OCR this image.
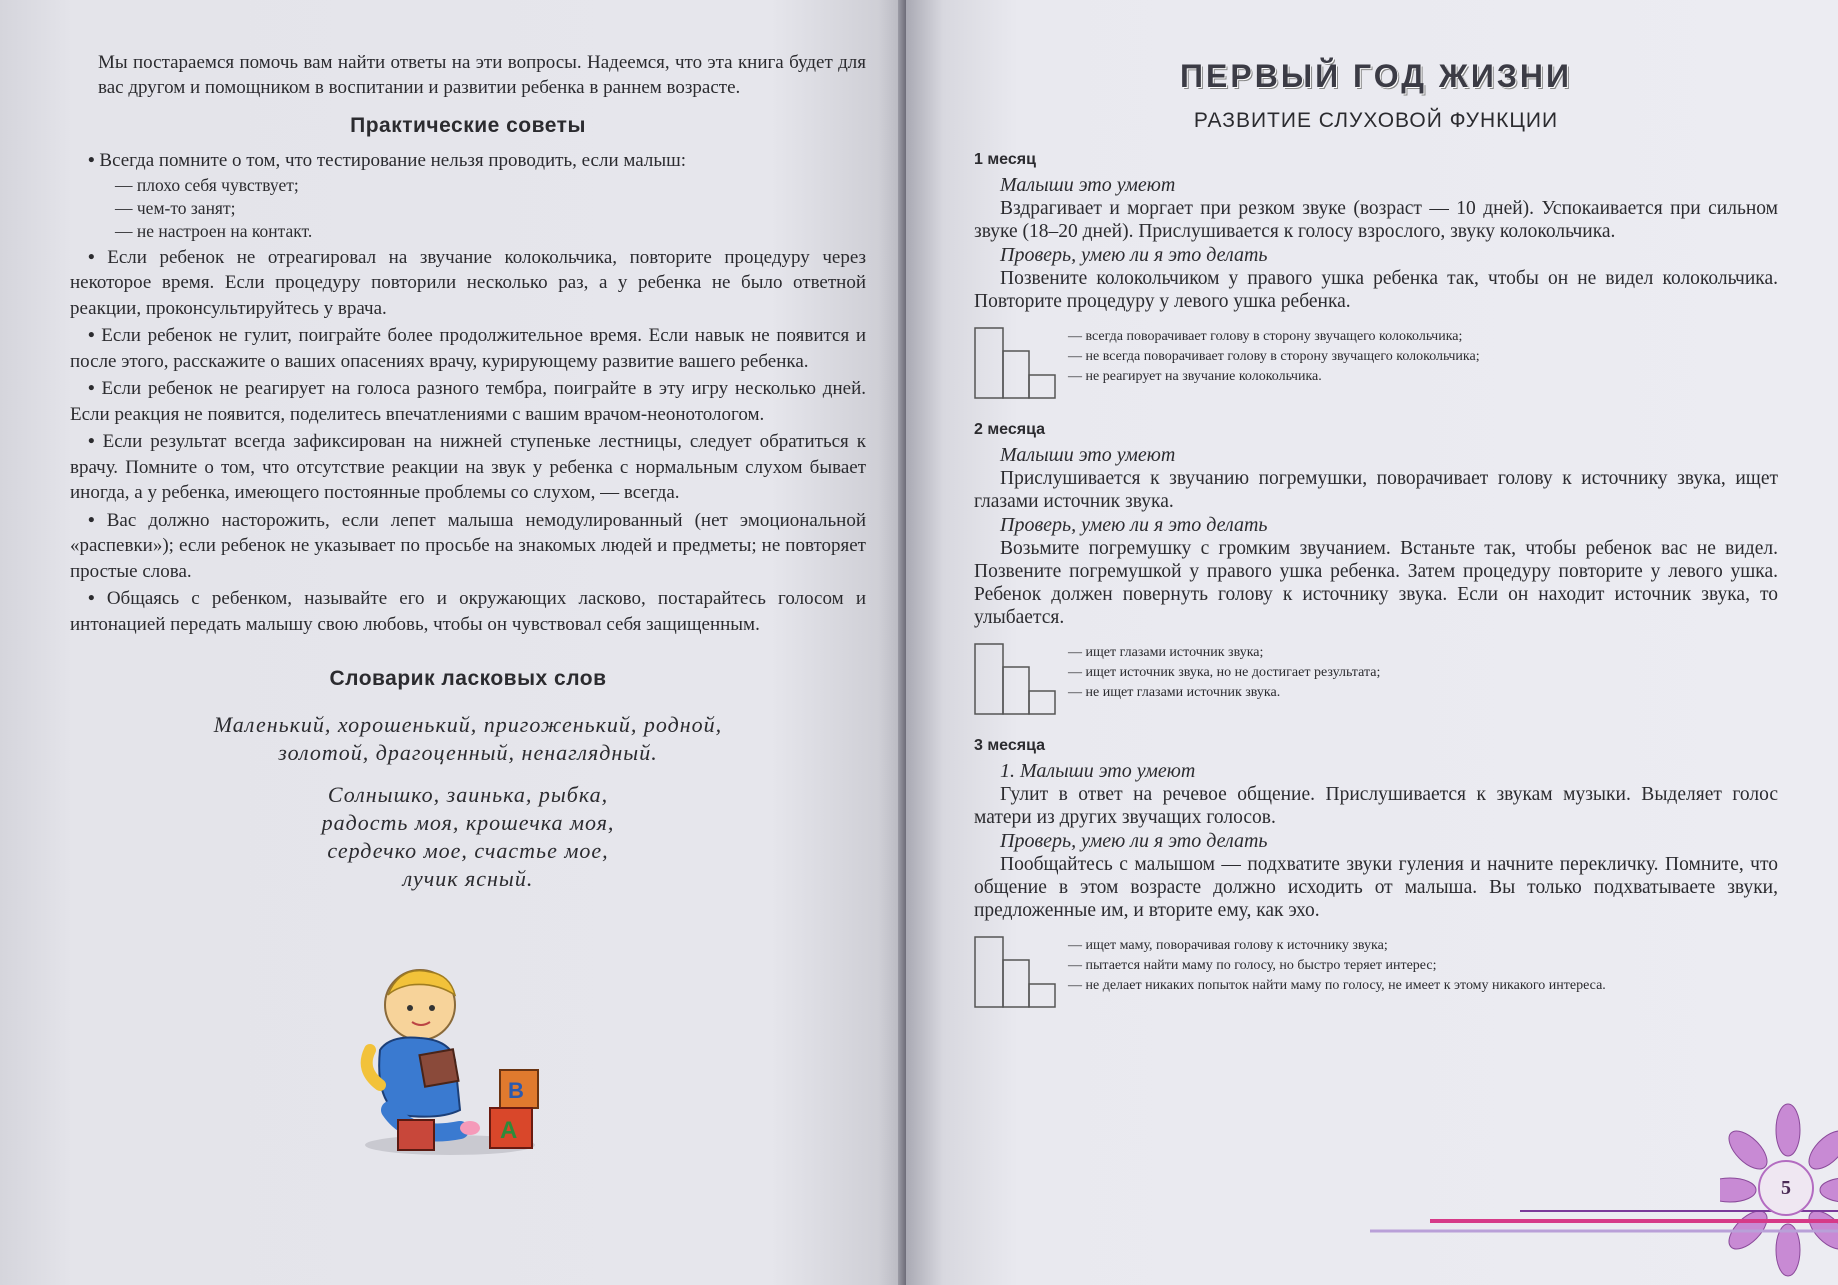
Мы постараемся помочь вам найти ответы на эти вопросы. Надеемся, что эта книга будет для вас другом и помощником в воспитании и развитии ребенка в раннем возрасте.

Практические советы
• Всегда помните о том, что тестирование нельзя проводить, если малыш:
— плохо себя чувствует;
— чем-то занят;
— не настроен на контакт.
• Если ребенок не отреагировал на звучание колокольчика, повторите процедуру через некоторое время. Если процедуру повторили несколько раз, а у ребенка не было ответной реакции, проконсультируйтесь у врача.
• Если ребенок не гулит, поиграйте более продолжительное время. Если навык не появится и после этого, расскажите о ваших опасениях врачу, курирующему развитие вашего ребенка.
• Если ребенок не реагирует на голоса разного тембра, поиграйте в эту игру несколько дней. Если реакция не появится, поделитесь впечатлениями с вашим врачом-неонотологом.
• Если результат всегда зафиксирован на нижней ступеньке лестницы, следует обратиться к врачу. Помните о том, что отсутствие реакции на звук у ребенка с нормальным слухом бывает иногда, а у ребенка, имеющего постоянные проблемы со слухом, — всегда.
• Вас должно насторожить, если лепет малыша немодулированный (нет эмоциональной «распевки»); если ребенок не указывает по просьбе на знакомых людей и предметы; не повторяет простые слова.
• Общаясь с ребенком, называйте его и окружающих ласково, постарайтесь голосом и интонацией передать малышу свою любовь, чтобы он чувствовал себя защищенным.
Словарик ласковых слов
Маленький, хорошенький, пригоженький, родной,
золотой, драгоценный, ненаглядный.
Солнышко, заинька, рыбка,
радость моя, крошечка моя,
сердечко мое, счастье мое,
лучик ясный.
B
A
ПЕРВЫЙ ГОД ЖИЗНИ
РАЗВИТИЕ СЛУХОВОЙ ФУНКЦИИ
1 месяц
Малыши это умеют

Вздрагивает и моргает при резком звуке (возраст — 10 дней). Успокаивается при сильном звуке (18–20 дней). Прислушивается к голосу взрослого, звуку колокольчика.

Проверь, умею ли я это делать

Позвените колокольчиком у правого ушка ребенка так, чтобы он не видел колокольчика. Повторите процедуру у левого ушка ребенка.

— всегда поворачивает голову в сторону звучащего колокольчика;
— не всегда поворачивает голову в сторону звучащего колокольчика;
— не реагирует на звучание колокольчика.
2 месяца
Малыши это умеют

Прислушивается к звучанию погремушки, поворачивает голову к источнику звука, ищет глазами источник звука.

Проверь, умею ли я это делать

Возьмите погремушку с громким звучанием. Встаньте так, чтобы ребенок вас не видел. Позвените погремушкой у правого ушка ребенка. Затем процедуру повторите у левого ушка. Ребенок должен повернуть голову к источнику звука. Если он находит источник звука, то улыбается.

— ищет глазами источник звука;
— ищет источник звука, но не достигает результата;
— не ищет глазами источник звука.
3 месяца
1. Малыши это умеют

Гулит в ответ на речевое общение. Прислушивается к звукам музыки. Выделяет голос матери из других звучащих голосов.

Проверь, умею ли я это делать

Пообщайтесь с малышом — подхватите звуки гуления и начните перекличку. Помните, что общение в этом возрасте должно исходить от малыша. Вы только подхватываете звуки, предложенные им, и вторите ему, как эхо.

— ищет маму, поворачивая голову к источнику звука;
— пытается найти маму по голосу, но быстро теряет интерес;
— не делает никаких попыток найти маму по голосу, не имеет к этому никакого интереса.
5
